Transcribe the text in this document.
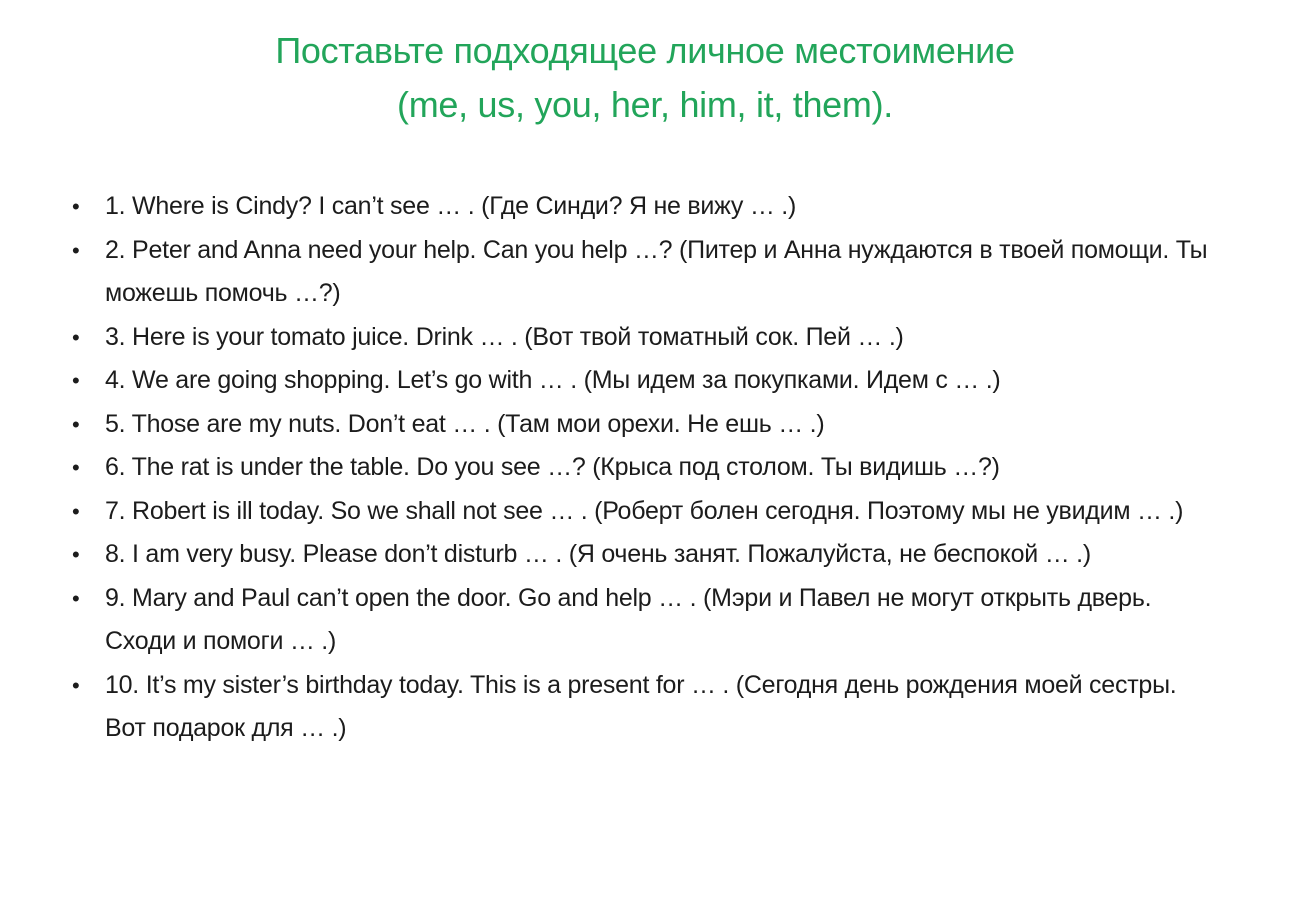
Поставьте подходящее личное местоимение
(me, us, you, her, him, it, them).
•	1. Where is Cindy? I can’t see … . (Где Синди? Я не вижу … .)
•	2. Peter and Anna need your help. Can you help …? (Питер и Анна нуждаются в твоей помощи. Ты можешь помочь …?)
•	3. Here is your tomato juice. Drink … . (Вот твой томатный сок. Пей … .)
•	4. We are going shopping. Let’s go with … . (Мы идем за покупками. Идем с … .)
•	5. Those are my nuts. Don’t eat … . (Там мои орехи. Не ешь … .)
•	6. The rat is under the table. Do you see …? (Крыса под столом. Ты видишь …?)
•	7. Robert is ill today. So we shall not see … . (Роберт болен сегодня. Поэтому мы не увидим … .)
•	8. I am very busy. Please don’t disturb … . (Я очень занят. Пожалуйста, не беспокой … .)
•	9. Mary and Paul can’t open the door. Go and help … . (Мэри и Павел не могут открыть дверь. Сходи и помоги … .)
•	10. It’s my sister’s birthday today. This is a present for … . (Сегодня день рождения моей сестры. Вот подарок для … .)
